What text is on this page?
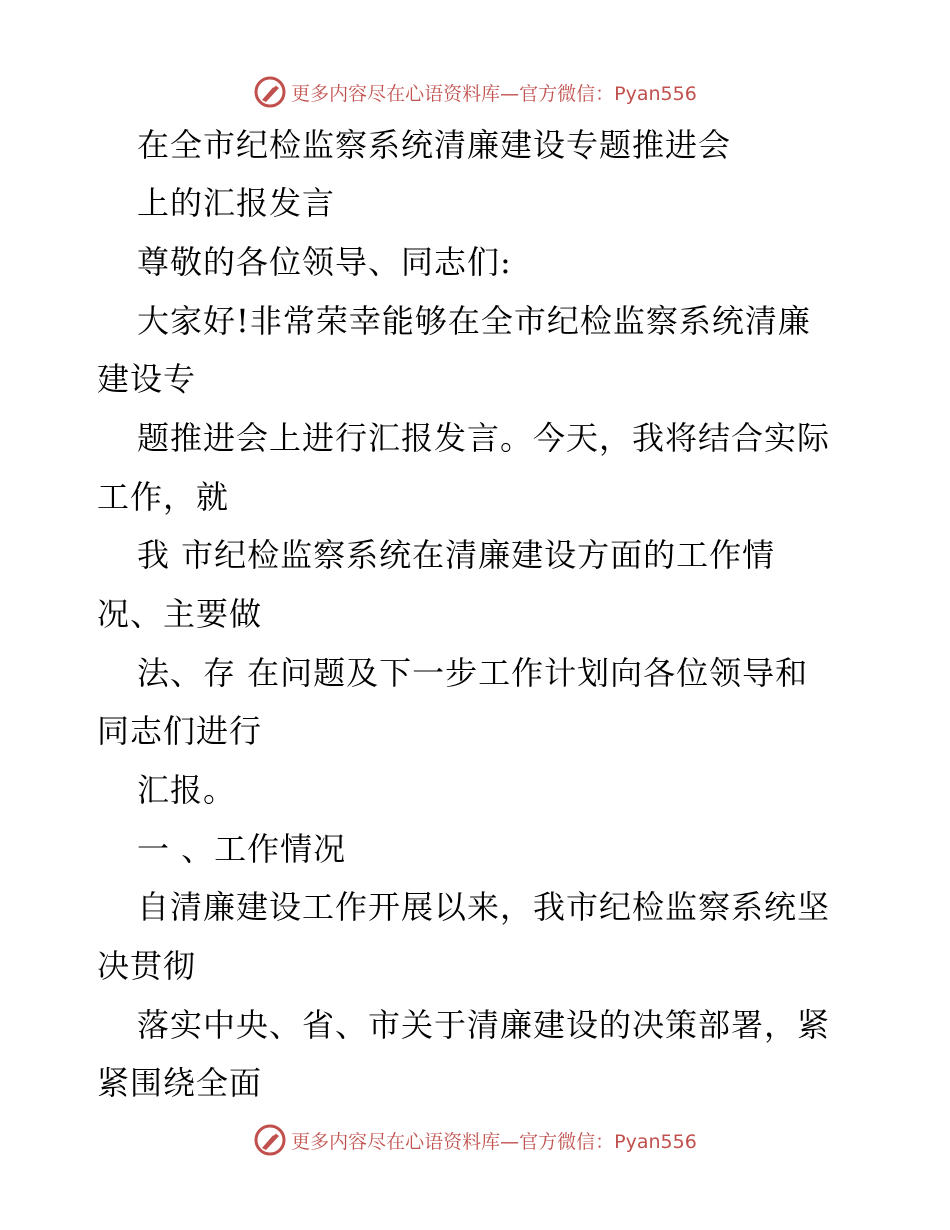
更多内容尽在心语资料库—官方微信：Pyan556
在全市纪检监察系统清廉建设专题推进会
上的汇报发言
尊敬的各位领导、同志们:
大家好!非常荣幸能够在全市纪检监察系统清廉
建设专
题推进会上进行汇报发言。今天，我将结合实际
工作，就
我 市纪检监察系统在清廉建设方面的工作情
况、主要做
法、存 在问题及下一步工作计划向各位领导和
同志们进行
汇报。
一 、工作情况
自清廉建设工作开展以来，我市纪检监察系统坚
决贯彻
落实中央、省、市关于清廉建设的决策部署，紧
紧围绕全面
更多内容尽在心语资料库—官方微信：Pyan556
